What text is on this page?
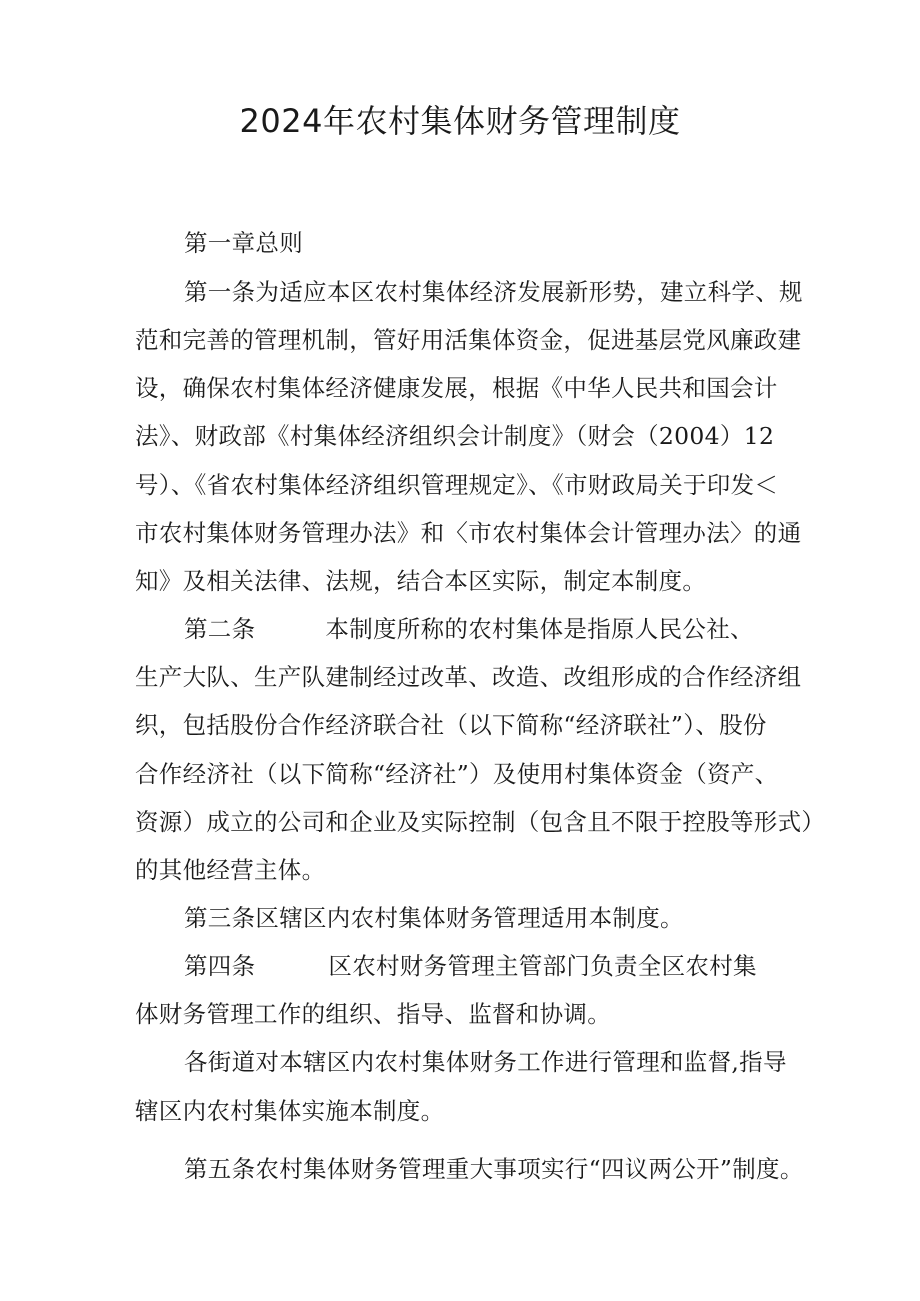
2024年农村集体财务管理制度
第一章总则
第一条为适应本区农村集体经济发展新形势，建立科学、规
范和完善的管理机制，管好用活集体资金，促进基层党风廉政建
设，确保农村集体经济健康发展，根据《中华人民共和国会计
法》、财政部《村集体经济组织会计制度》（财会（2004）12
号）、《省农村集体经济组织管理规定》、《市财政局关于印发＜
市农村集体财务管理办法》和〈市农村集体会计管理办法〉的通
知》及相关法律、法规，结合本区实际，制定本制度。
第二条	本制度所称的农村集体是指原人民公社、
生产大队、生产队建制经过改革、改造、改组形成的合作经济组
织，包括股份合作经济联合社（以下简称“经济联社”）、股份
合作经济社（以下简称“经济社”）及使用村集体资金（资产、
资源）成立的公司和企业及实际控制（包含且不限于控股等形式）
的其他经营主体。
第三条区辖区内农村集体财务管理适用本制度。
第四条	区农村财务管理主管部门负责全区农村集
体财务管理工作的组织、指导、监督和协调。
各街道对本辖区内农村集体财务工作进行管理和监督,指导
辖区内农村集体实施本制度。
第五条农村集体财务管理重大事项实行“四议两公开”制度。
